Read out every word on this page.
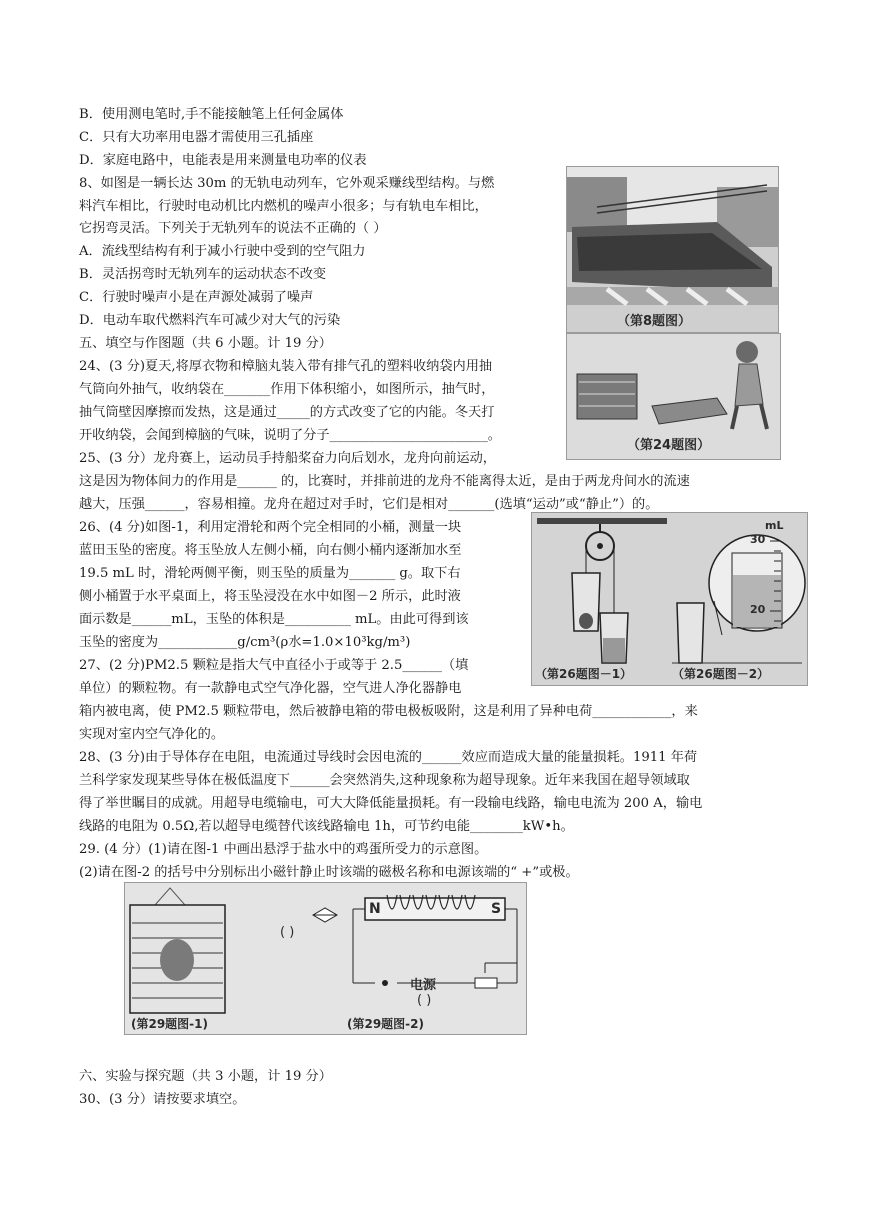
B．使用测电笔时,手不能接触笔上任何金属体
C．只有大功率用电器才需使用三孔插座
D．家庭电路中，电能表是用来测量电功率的仪表
8、如图是一辆长达 30m 的无轨电动列车，它外观采赚线型结构。与燃
料汽车相比，行驶时电动机比内燃机的噪声小很多；与有轨电车相比，
它拐弯灵活。下列关于无轨列车的说法不正确的（ ）
A．流线型结构有利于减小行驶中受到的空气阻力
B．灵活拐弯时无轨列车的运动状态不改变
C．行驶时噪声小是在声源处减弱了噪声
D．电动车取代燃料汽车可减少对大气的污染
五、填空与作图题（共 6 小题。计 19 分）
24、(3 分)夏天,将厚衣物和樟脑丸装入带有排气孔的塑料收纳袋内用抽
气筒向外抽气，收纳袋在_______作用下体积缩小，如图所示，抽气时，
抽气筒壁因摩擦而发热，这是通过_____的方式改变了它的内能。冬天打
开收纳袋，会闻到樟脑的气味，说明了分子________________________。
25、(3 分）龙舟赛上，运动员手持船桨奋力向后划水，龙舟向前运动，
这是因为物体间力的作用是______ 的，比赛时，并排前进的龙舟不能离得太近，是由于两龙舟间水的流速
越大，压强______，容易相撞。龙舟在超过对手时，它们是相对_______(选填“运动”或“静止”）的。
26、(4 分)如图-1，利用定滑轮和两个完全相同的小桶，测量一块
蓝田玉坠的密度。将玉坠放人左侧小桶，向右侧小桶内逐渐加水至
19.5 mL 时，滑轮两侧平衡，则玉坠的质量为_______ g。取下右
侧小桶置于水平桌面上，将玉坠浸没在水中如图－2 所示，此时液
面示数是______mL，玉坠的体积是__________ mL。由此可得到该
玉坠的密度为____________g/cm³(ρ水=1.0×10³kg/m³)
27、(2 分)PM2.5 颗粒是指大气中直径小于或等于 2.5______（填
单位）的颗粒物。有一款静电式空气净化器，空气进人净化器静电
箱内被电离，使 PM2.5 颗粒带电，然后被静电箱的带电极板吸附，这是利用了异种电荷____________，来
实现对室内空气净化的。
28、(3 分)由于导体存在电阻，电流通过导线时会因电流的______效应而造成大量的能量损耗。1911 年荷
兰科学家发现某些导体在极低温度下______会突然消失,这种现象称为超导现象。近年来我国在超导领域取
得了举世瞩目的成就。用超导电缆输电，可大大降低能量损耗。有一段输电线路，输电电流为 200 A，输电
线路的电阻为 0.5Ω,若以超导电缆替代该线路输电 1h，可节约电能________kW•h。
29. (4 分）(1)请在图-1 中画出悬浮于盐水中的鸡蛋所受力的示意图。
(2)请在图-2 的括号中分别标出小磁针静止时该端的磁极名称和电源该端的“ +”或极。
六、实验与探究题（共 3 小题，计 19 分）
30、(3 分）请按要求填空。
（第8题图）
（第24题图）
mL
30
20
（第26题图－1）	（第26题图－2）
N	S
( )
电源
( )
(第29题图-1)	(第29题图-2)
